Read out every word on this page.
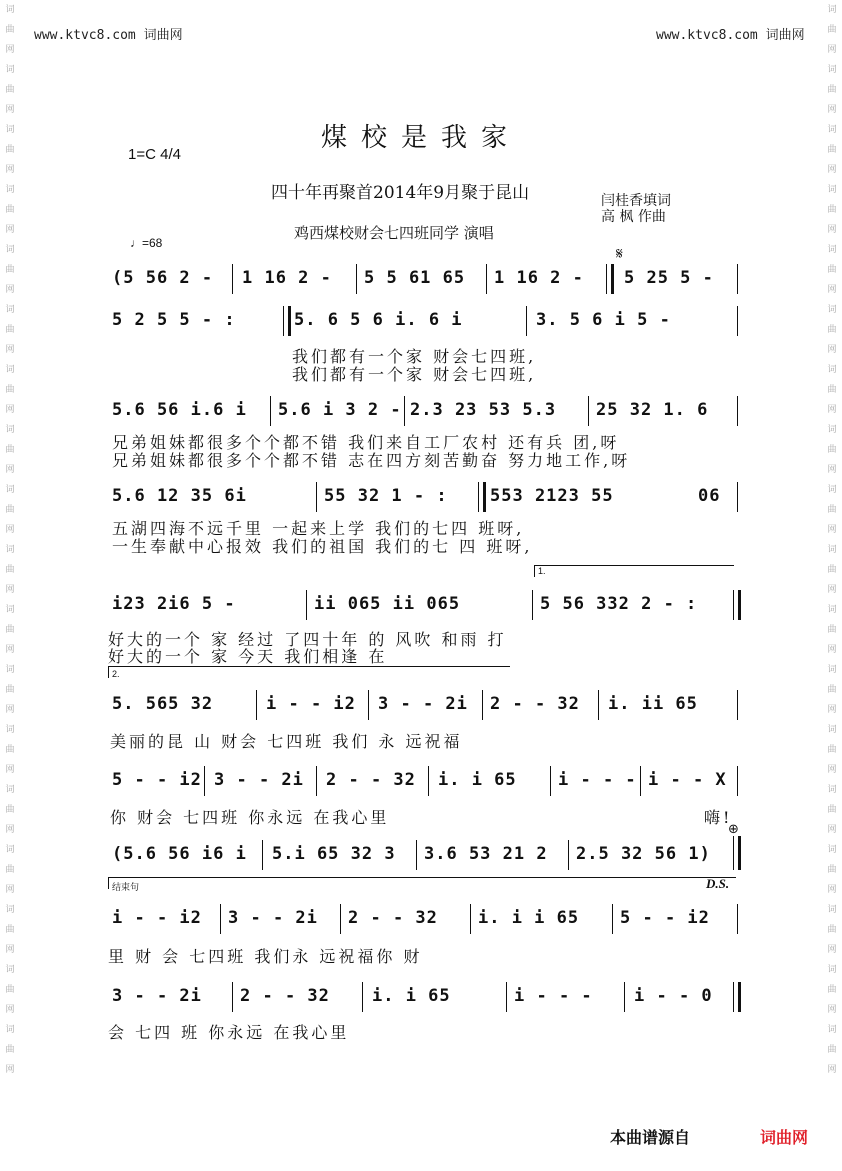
www.ktvc8.com 词曲网	www.ktvc8.com 词曲网
词曲网词曲网词曲网词曲网词曲网词曲网词曲网词曲网词曲网词曲网词曲网词曲网词曲网词曲网词曲网词曲网词曲网词曲网
词曲网词曲网词曲网词曲网词曲网词曲网词曲网词曲网词曲网词曲网词曲网词曲网词曲网词曲网词曲网词曲网词曲网词曲网
煤校是我家
1=C 4/4
四十年再聚首2014年9月聚于昆山	闫桂香填词
高 枫 作曲
鸡西煤校财会七四班同学 演唱
♩=68
𝄋
(5 56 2 - 1 16 2 - 5 5 61 65 1 16 2 - 5 25 5 -
5 2 5 5 - :	5. 6 5 6 i. 6 i	3. 5 6 i 5 -
我们都有一个家 财会七四班,
我们都有一个家 财会七四班,
5.6 56 i.6 i 5.6 i 3 2 - 2.3 23 53 5.3 25 32 1. 6
兄弟姐妹都很多个个都不错 我们来自工厂农村 还有兵 团,呀
兄弟姐妹都很多个个都不错 志在四方刻苦勤奋 努力地工作,呀
5.6 12 35 6i	55 32 1 - : 553 2123 55	06
五湖四海不远千里 一起来上学 我们的七四 班呀,
一生奉献中心报效 我们的祖国 我们的七 四 班呀,
1.
i23 2i6 5 -	ii 065 ii 065	5 56 332 2 - :
好大的一个 家 经过 了四十年 的 风吹 和雨 打
好大的一个 家 今天 我们相逢 在
2.
5. 565 32	i - - i2 3 - - 2i 2 - - 32 i. ii 65
美丽的昆 山 财会 七四班 我们 永 远祝福
5 - - i2 3 - - 2i 2 - - 32 i. i 65 i - - - i - - X
你 财会 七四班 你永远 在我心里	嗨!
⊕
(5.6 56 i6 i 5.i 65 32 3 3.6 53 21 2 2.5 32 56 1)
结束句	D.S.
i - - i2 3 - - 2i 2 - - 32 i. i i 65 5 - - i2
里 财 会 七四班 我们永 远祝福你 财
3 - - 2i 2 - - 32 i. i 65	i - - - i - - 0
会 七四 班 你永远 在我心里
本曲谱源自	词曲网
